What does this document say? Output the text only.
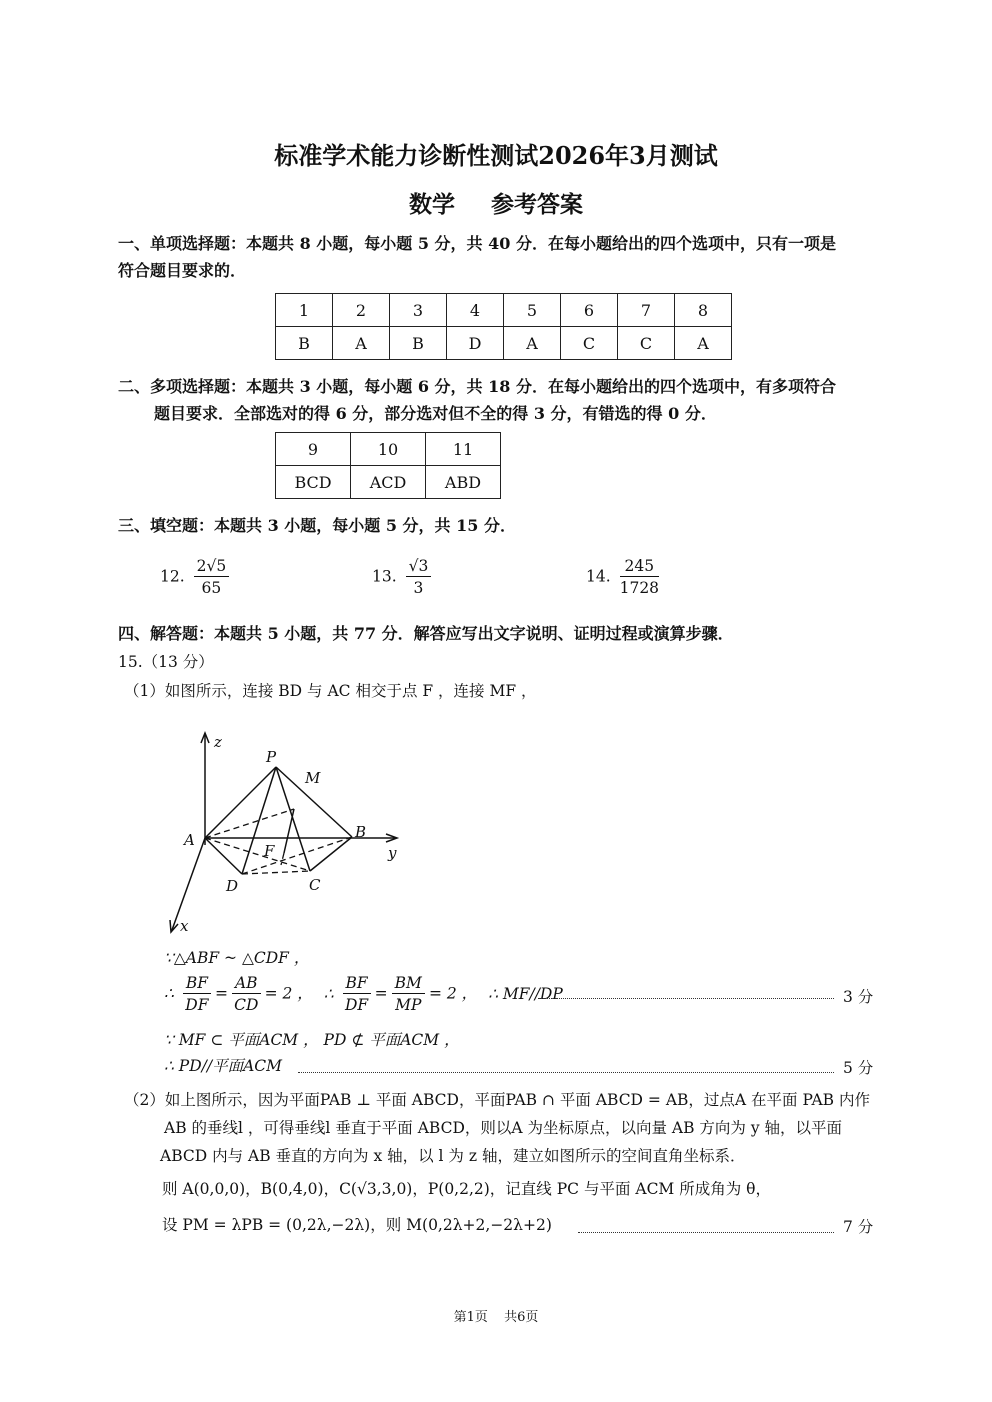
标准学术能力诊断性测试2026年3月测试
数学 参考答案
一、单项选择题：本题共 8 小题，每小题 5 分，共 40 分．在每小题给出的四个选项中，只有一项是
符合题目要求的．
1	2	3	4	5	6	7	8
B	A	B	D	A	C	C	A
二、多项选择题：本题共 3 小题，每小题 6 分，共 18 分．在每小题给出的四个选项中，有多项符合
题目要求．全部选对的得 6 分，部分选对但不全的得 3 分，有错选的得 0 分．
9	10	11
BCD	ACD	ABD
三、填空题：本题共 3 小题，每小题 5 分，共 15 分．
12. $\frac{2√5}{65}$	13. $\frac{√3}{3}$	14. $\frac{245}{1728}$
四、解答题：本题共 5 小题，共 77 分．解答应写出文字说明、证明过程或演算步骤．
15.（13 分）
（1）如图所示，连接 BD 与 AC 相交于点 F ，连接 MF ，
z
P
M
A	B
F	y
D	C
x
∵△ABF ~ △CDF ，
∴ $\frac{BF}{DF} = \frac{AB}{CD} = 2$ ， ∴ $\frac{BF}{DF} = \frac{BM}{MP} = 2$ ， ∴ MF//DP	3 分
∵ MF ⊂ 平面ACM ， PD ⊄ 平面ACM ，
∴ PD//平面ACM	5 分
（2）如上图所示，因为平面PAB ⊥ 平面 ABCD，平面PAB ∩ 平面 ABCD = AB，过点A 在平面 PAB 内作
AB 的垂线l ，可得垂线l 垂直于平面 ABCD，则以A 为坐标原点，以向量 AB 方向为 y 轴，以平面
ABCD 内与 AB 垂直的方向为 x 轴，以 l 为 z 轴，建立如图所示的空间直角坐标系．
则 A(0,0,0)，B(0,4,0)，C(√3,3,0)，P(0,2,2)，记直线 PC 与平面 ACM 所成角为 θ，
设 PM = λPB = (0,2λ,−2λ)，则 M(0,2λ+2,−2λ+2)	7 分
第1页 共6页
